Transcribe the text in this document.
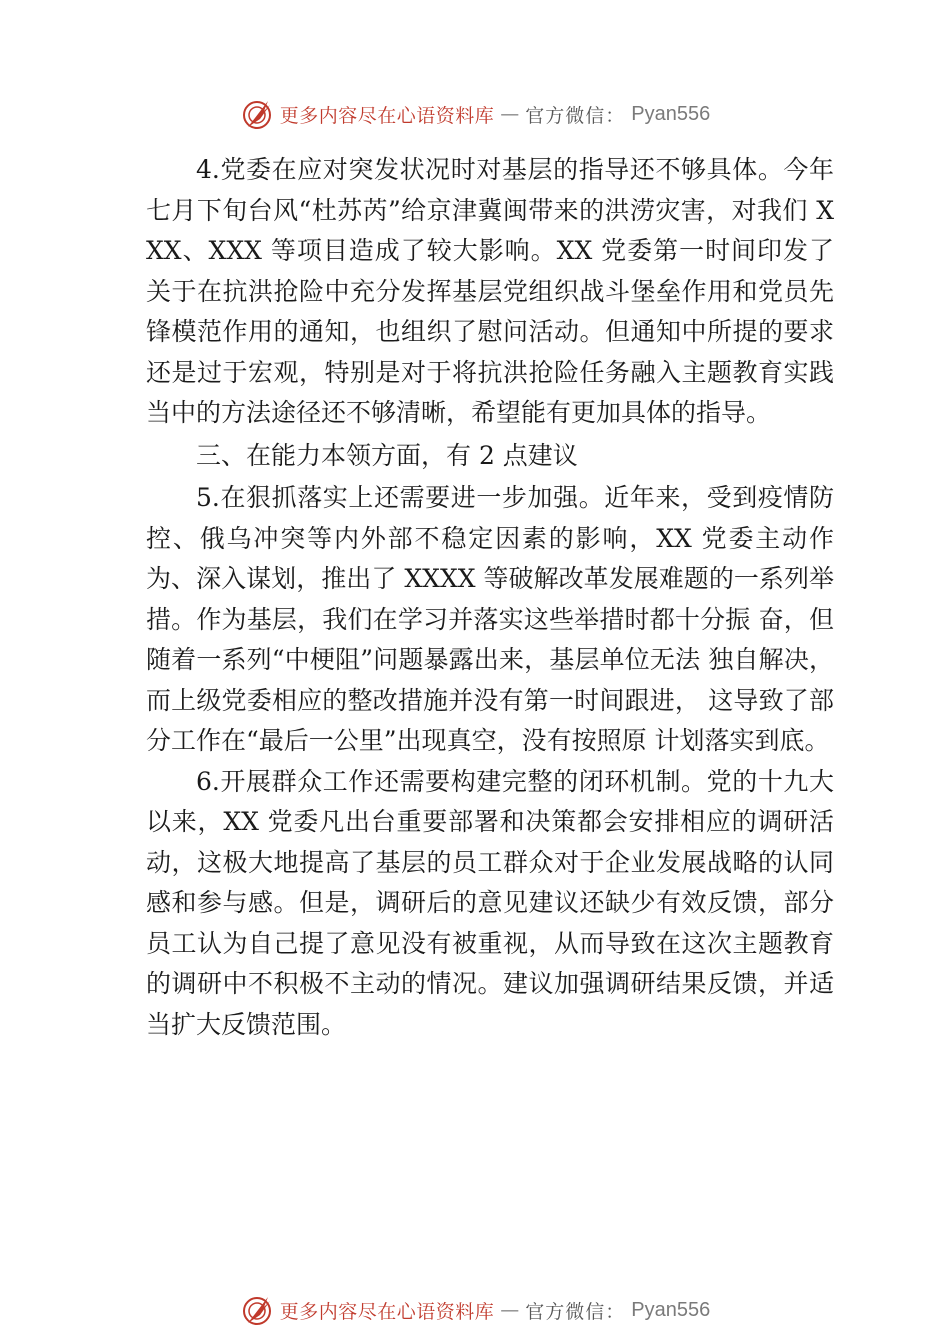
更多内容尽在心语资料库 — 官方微信： Pyan556

4.党委在应对突发状况时对基层的指导还不够具体。今年七月下旬台风“杜苏芮”给京津冀闽带来的洪涝灾害，对我们 XXX、XXX 等项目造成了较大影响。XX 党委第一时间印发了关于在抗洪抢险中充分发挥基层党组织战斗堡垒作用和党员先锋模范作用的通知，也组织了慰问活动。但通知中所提的要求还是过于宏观，特别是对于将抗洪抢险任务融入主题教育实践当中的方法途径还不够清晰，希望能有更加具体的指导。

三、在能力本领方面，有 2 点建议

5.在狠抓落实上还需要进一步加强。近年来，受到疫情防控、俄乌冲突等内外部不稳定因素的影响，XX 党委主动作为、深入谋划，推出了 XXXX 等破解改革发展难题的一系列举措。作为基层，我们在学习并落实这些举措时都十分振 奋，但随着一系列“中梗阻”问题暴露出来，基层单位无法 独自解决，而上级党委相应的整改措施并没有第一时间跟进， 这导致了部分工作在“最后一公里”出现真空，没有按照原 计划落实到底。

6.开展群众工作还需要构建完整的闭环机制。党的十九大以来，XX 党委凡出台重要部署和决策都会安排相应的调研活动，这极大地提高了基层的员工群众对于企业发展战略的认同感和参与感。但是，调研后的意见建议还缺少有效反馈，部分员工认为自己提了意见没有被重视，从而导致在这次主题教育的调研中不积极不主动的情况。建议加强调研结果反馈，并适当扩大反馈范围。

更多内容尽在心语资料库 — 官方微信： Pyan556
